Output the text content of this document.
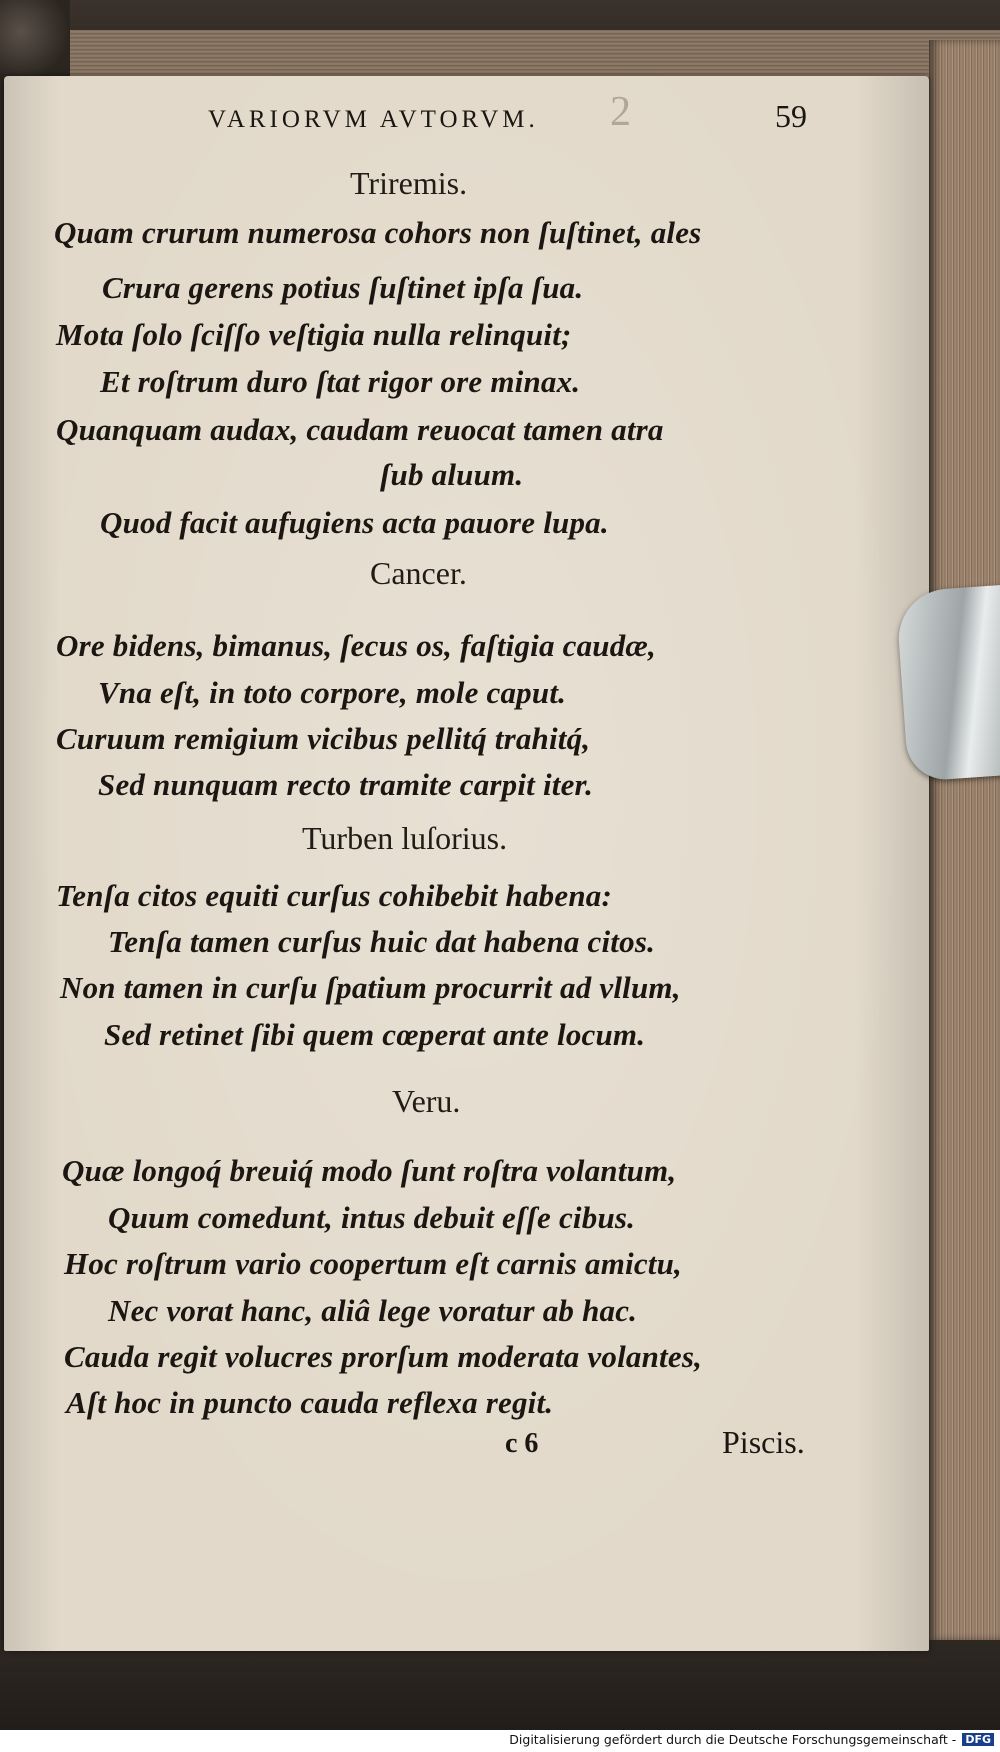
VARIORVM AVTORVM. 2	59
Triremis.
Quam crurum numerosa cohors non ſuſtinet, ales
Crura gerens potius ſuſtinet ipſa ſua.
Mota ſolo ſciſſo veſtigia nulla relinquit;
Et roſtrum duro ſtat rigor ore minax.
Quanquam audax, caudam reuocat tamen atra
ſub aluum.
Quod facit aufugiens acta pauore lupa.
Cancer.
Ore bidens, bimanus, ſecus os, faſtigia caudæ,
Vna eſt, in toto corpore, mole caput.
Curuum remigium vicibus pellitq́ trahitq́,
Sed nunquam recto tramite carpit iter.
Turben luſorius.
Tenſa citos equiti curſus cohibebit habena:
Tenſa tamen curſus huic dat habena citos.
Non tamen in curſu ſpatium procurrit ad vllum,
Sed retinet ſibi quem cœperat ante locum.
Veru.
Quæ longoq́ breuiq́ modo ſunt roſtra volantum,
Quum comedunt, intus debuit eſſe cibus.
Hoc roſtrum vario coopertum eſt carnis amictu,
Nec vorat hanc, aliâ lege voratur ab hac.
Cauda regit volucres prorſum moderata volantes,
Aſt hoc in puncto cauda reflexa regit.
c 6	Piscis.
Digitalisierung gefördert durch die Deutsche Forschungsgemeinschaft - DFG
